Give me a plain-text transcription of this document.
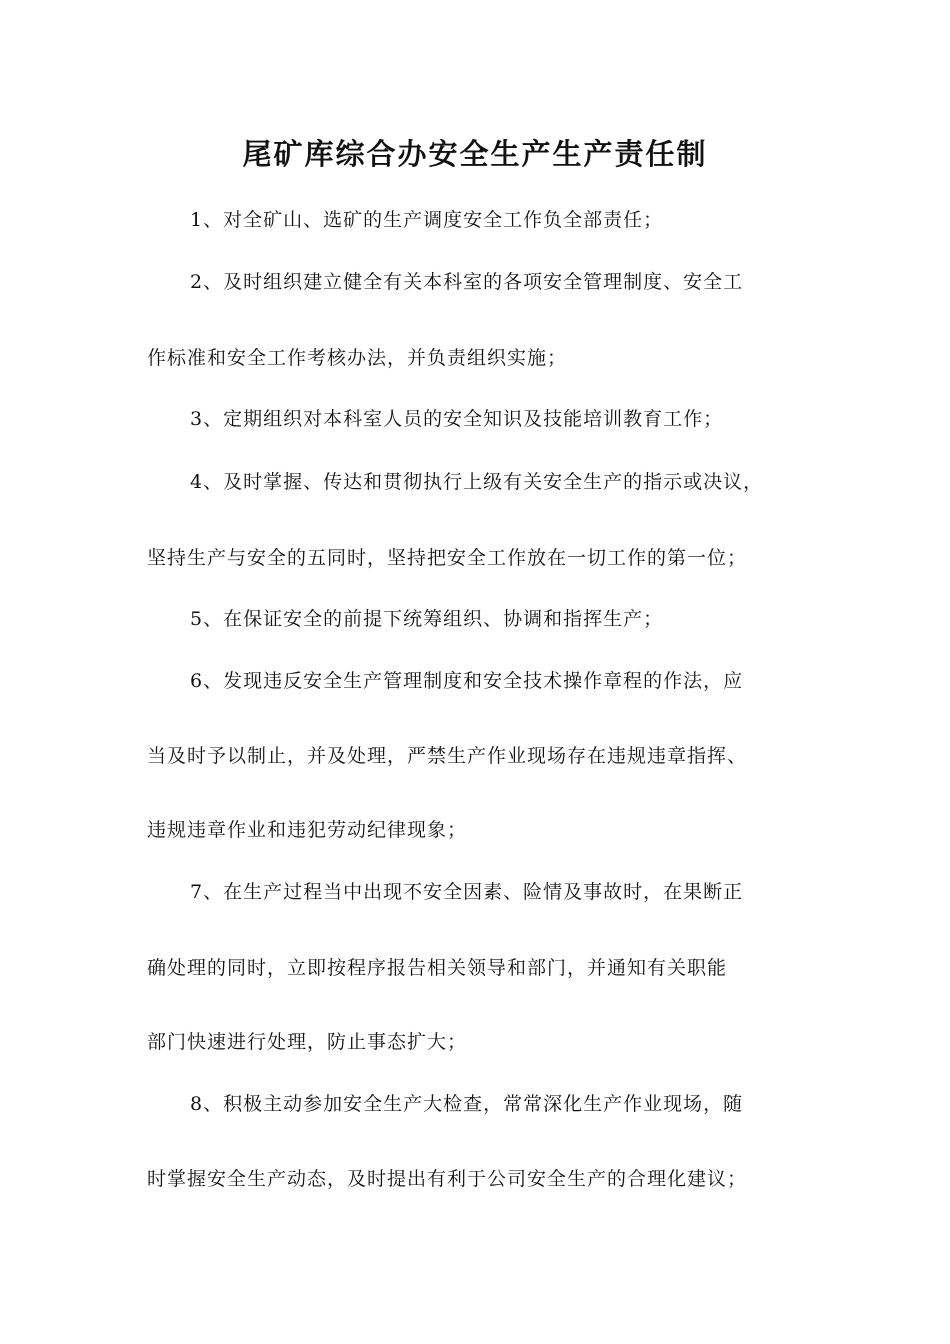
尾矿库综合办安全生产生产责任制
1、对全矿山、选矿的生产调度安全工作负全部责任；
2、及时组织建立健全有关本科室的各项安全管理制度、安全工
作标准和安全工作考核办法，并负责组织实施；
3、定期组织对本科室人员的安全知识及技能培训教育工作；
4、及时掌握、传达和贯彻执行上级有关安全生产的指示或决议，
坚持生产与安全的五同时，坚持把安全工作放在一切工作的第一位；
5、在保证安全的前提下统筹组织、协调和指挥生产；
6、发现违反安全生产管理制度和安全技术操作章程的作法，应
当及时予以制止，并及处理，严禁生产作业现场存在违规违章指挥、
违规违章作业和违犯劳动纪律现象；
7、在生产过程当中出现不安全因素、险情及事故时，在果断正
确处理的同时，立即按程序报告相关领导和部门，并通知有关职能
部门快速进行处理，防止事态扩大；
8、积极主动参加安全生产大检查，常常深化生产作业现场，随
时掌握安全生产动态，及时提出有利于公司安全生产的合理化建议；
